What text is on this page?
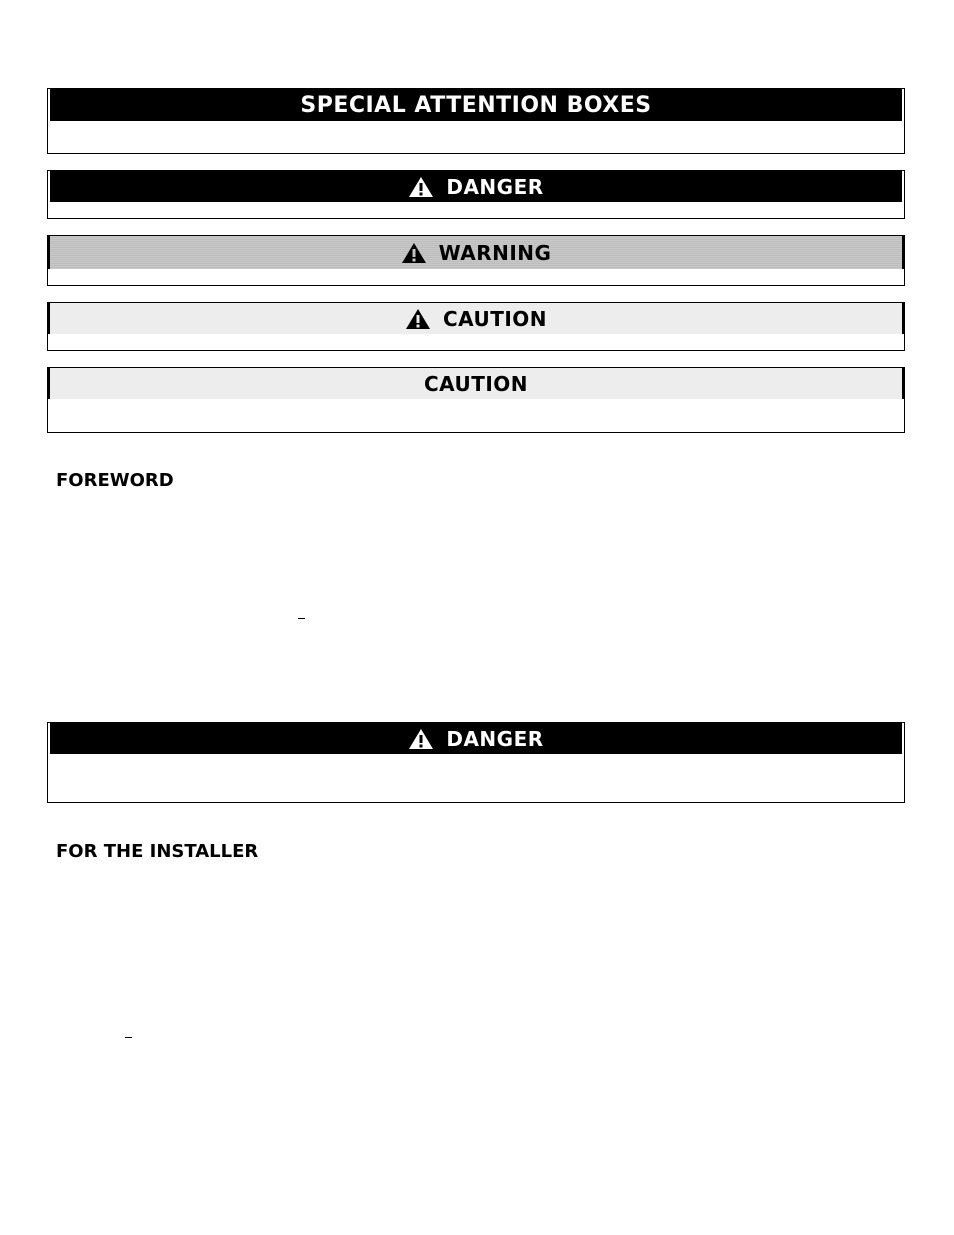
SPECIAL ATTENTION BOXES
DANGER
WARNING
CAUTION
CAUTION
FOREWORD
DANGER
FOR THE INSTALLER
